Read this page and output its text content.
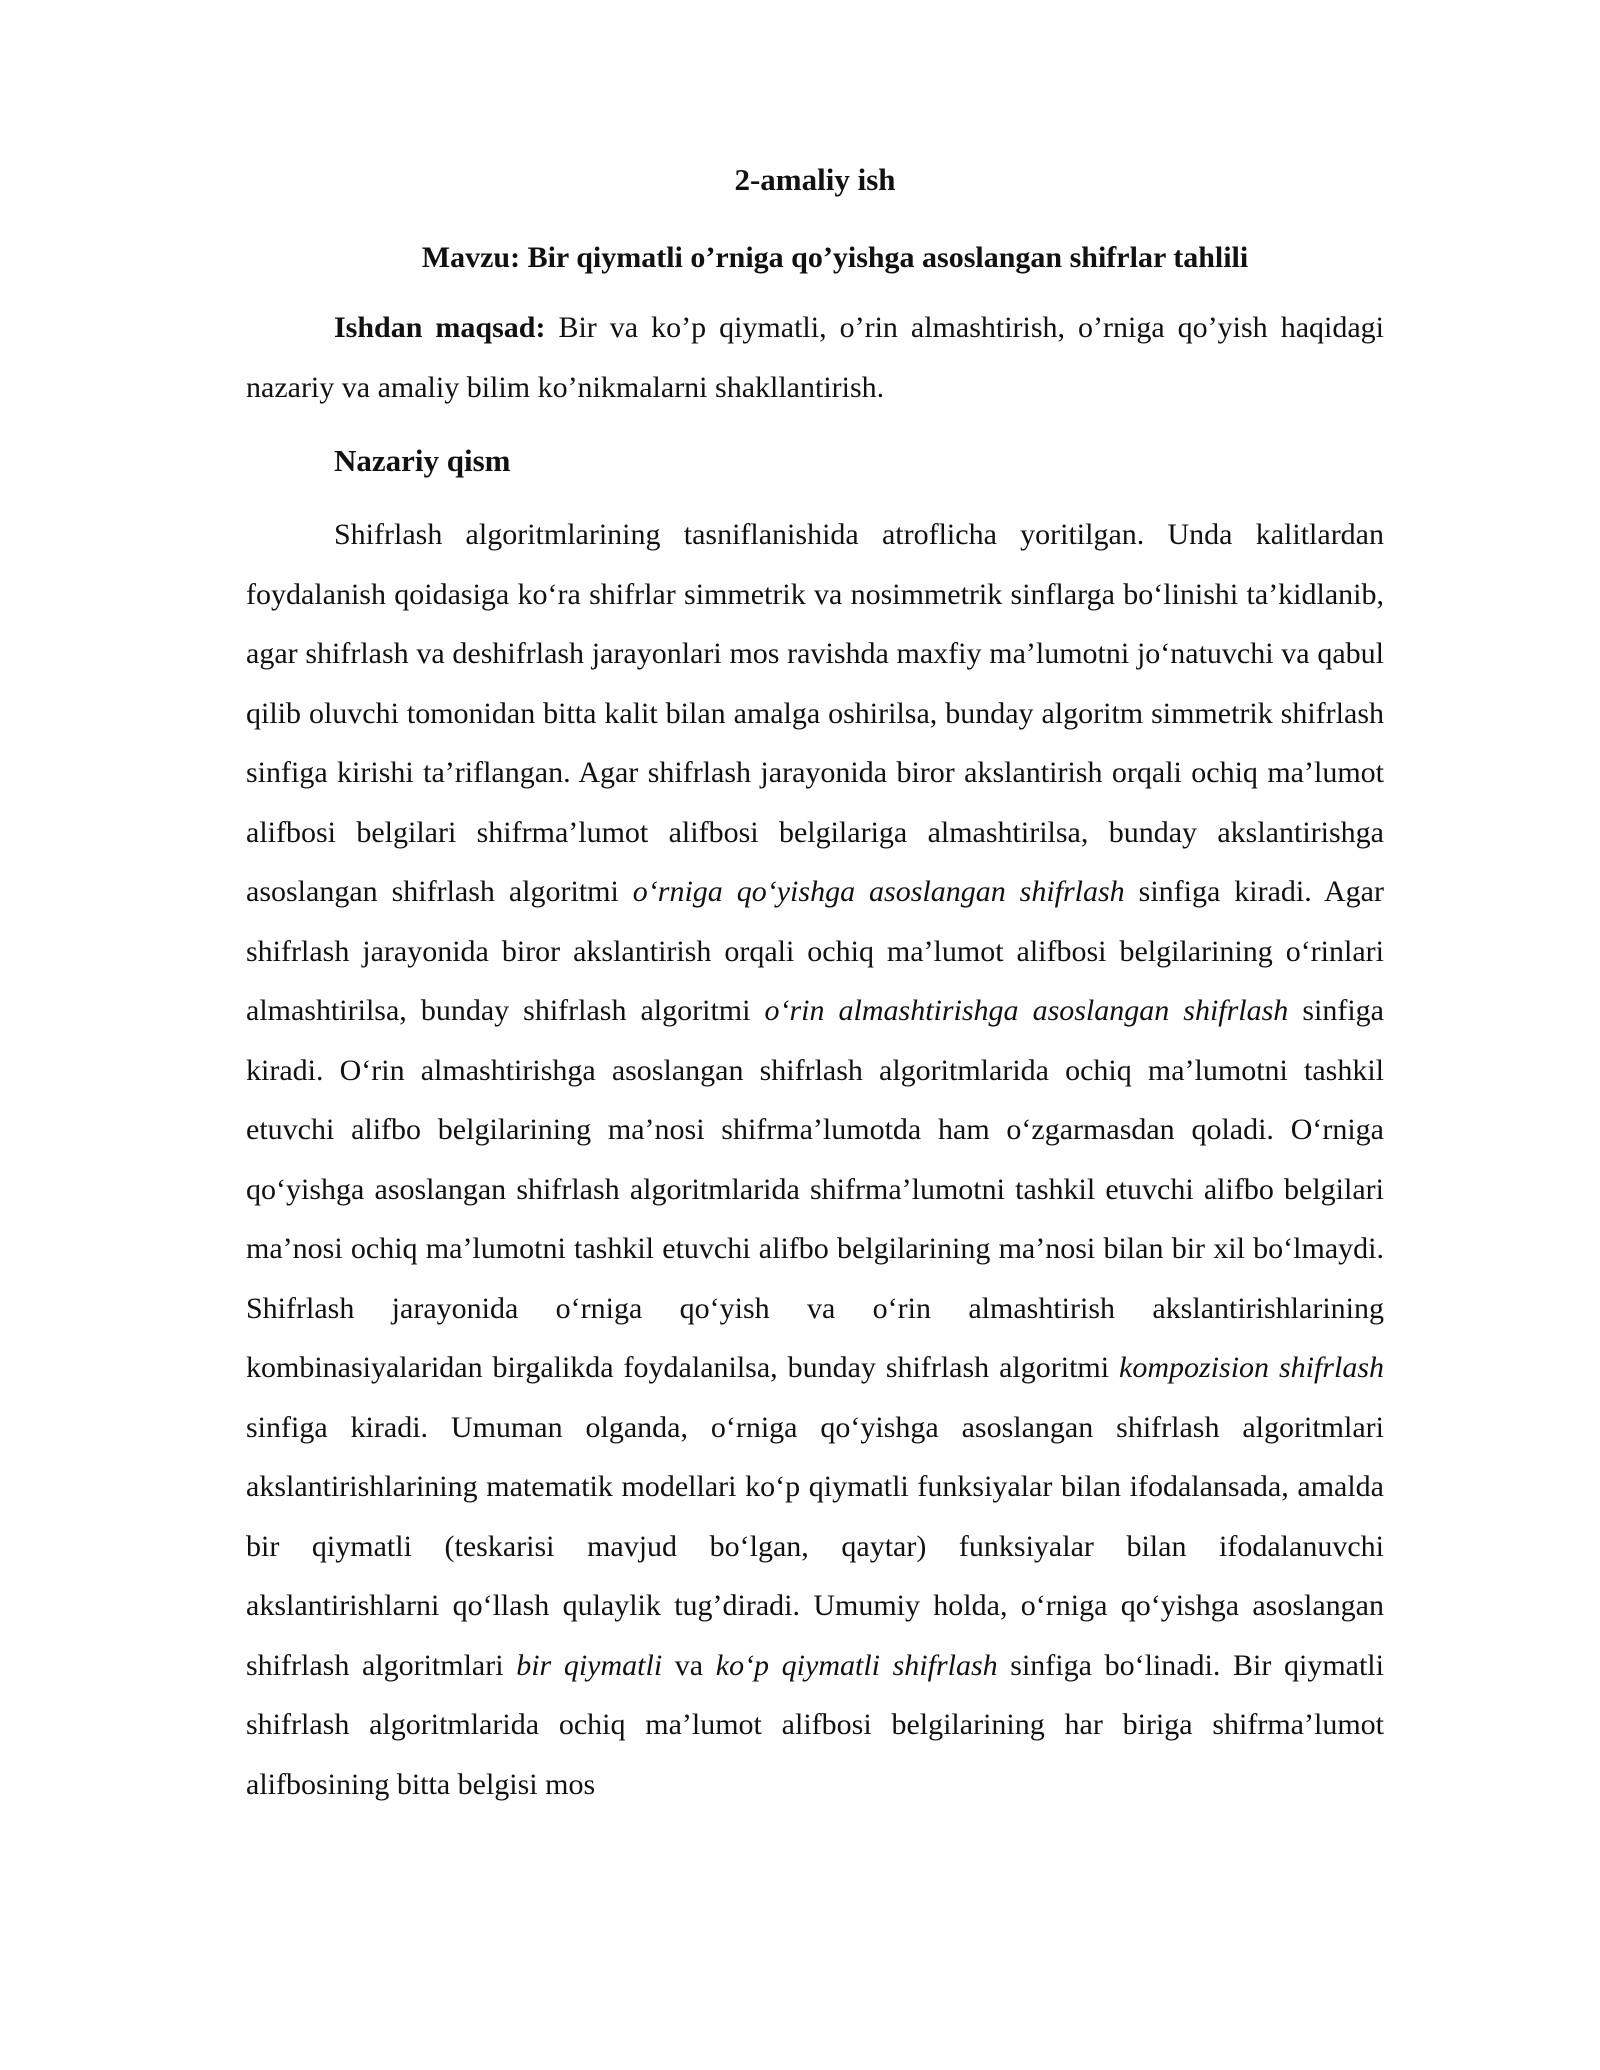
2-amaliy ish
Mavzu: Bir qiymatli o’rniga qo’yishga asoslangan shifrlar tahlili

Ishdan maqsad: Bir va ko’p qiymatli, o’rin almashtirish, o’rniga qo’yish haqidagi nazariy va amaliy bilim ko’nikmalarni shakllantirish.

Nazariy qism

Shifrlash algoritmlarining tasniflanishida atroflicha yoritilgan. Unda kalitlardan foydalanish qoidasiga ko‘ra shifrlar simmetrik va nosimmetrik sinflarga bo‘linishi ta’kidlanib, agar shifrlash va deshifrlash jarayonlari mos ravishda maxfiy ma’lumotni jo‘natuvchi va qabul qilib oluvchi tomonidan bitta kalit bilan amalga oshirilsa, bunday algoritm simmetrik shifrlash sinfiga kirishi ta’riflangan. Agar shifrlash jarayonida biror akslantirish orqali ochiq ma’lumot alifbosi belgilari shifrma’lumot alifbosi belgilariga almashtirilsa, bunday akslantirishga asoslangan shifrlash algoritmi o‘rniga qo‘yishga asoslangan shifrlash sinfiga kiradi. Agar shifrlash jarayonida biror akslantirish orqali ochiq ma’lumot alifbosi belgilarining o‘rinlari almashtirilsa, bunday shifrlash algoritmi o‘rin almashtirishga asoslangan shifrlash sinfiga kiradi. O‘rin almashtirishga asoslangan shifrlash algoritmlarida ochiq ma’lumotni tashkil etuvchi alifbo belgilarining ma’nosi shifrma’lumotda ham o‘zgarmasdan qoladi. O‘rniga qo‘yishga asoslangan shifrlash algoritmlarida shifrma’lumotni tashkil etuvchi alifbo belgilari ma’nosi ochiq ma’lumotni tashkil etuvchi alifbo belgilarining ma’nosi bilan bir xil bo‘lmaydi. Shifrlash jarayonida o‘rniga qo‘yish va o‘rin almashtirish akslantirishlarining kombinasiyalaridan birgalikda foydalanilsa, bunday shifrlash algoritmi kompozision shifrlash sinfiga kiradi. Umuman olganda, o‘rniga qo‘yishga asoslangan shifrlash algoritmlari akslantirishlarining matematik modellari ko‘p qiymatli funksiyalar bilan ifodalansada, amalda bir qiymatli (teskarisi mavjud bo‘lgan, qaytar) funksiyalar bilan ifodalanuvchi akslantirishlarni qo‘llash qulaylik tug’diradi. Umumiy holda, o‘rniga qo‘yishga asoslangan shifrlash algoritmlari bir qiymatli va ko‘p qiymatli shifrlash sinfiga bo‘linadi. Bir qiymatli shifrlash algoritmlarida ochiq ma’lumot alifbosi belgilarining har biriga shifrma’lumot alifbosining bitta belgisi mos
